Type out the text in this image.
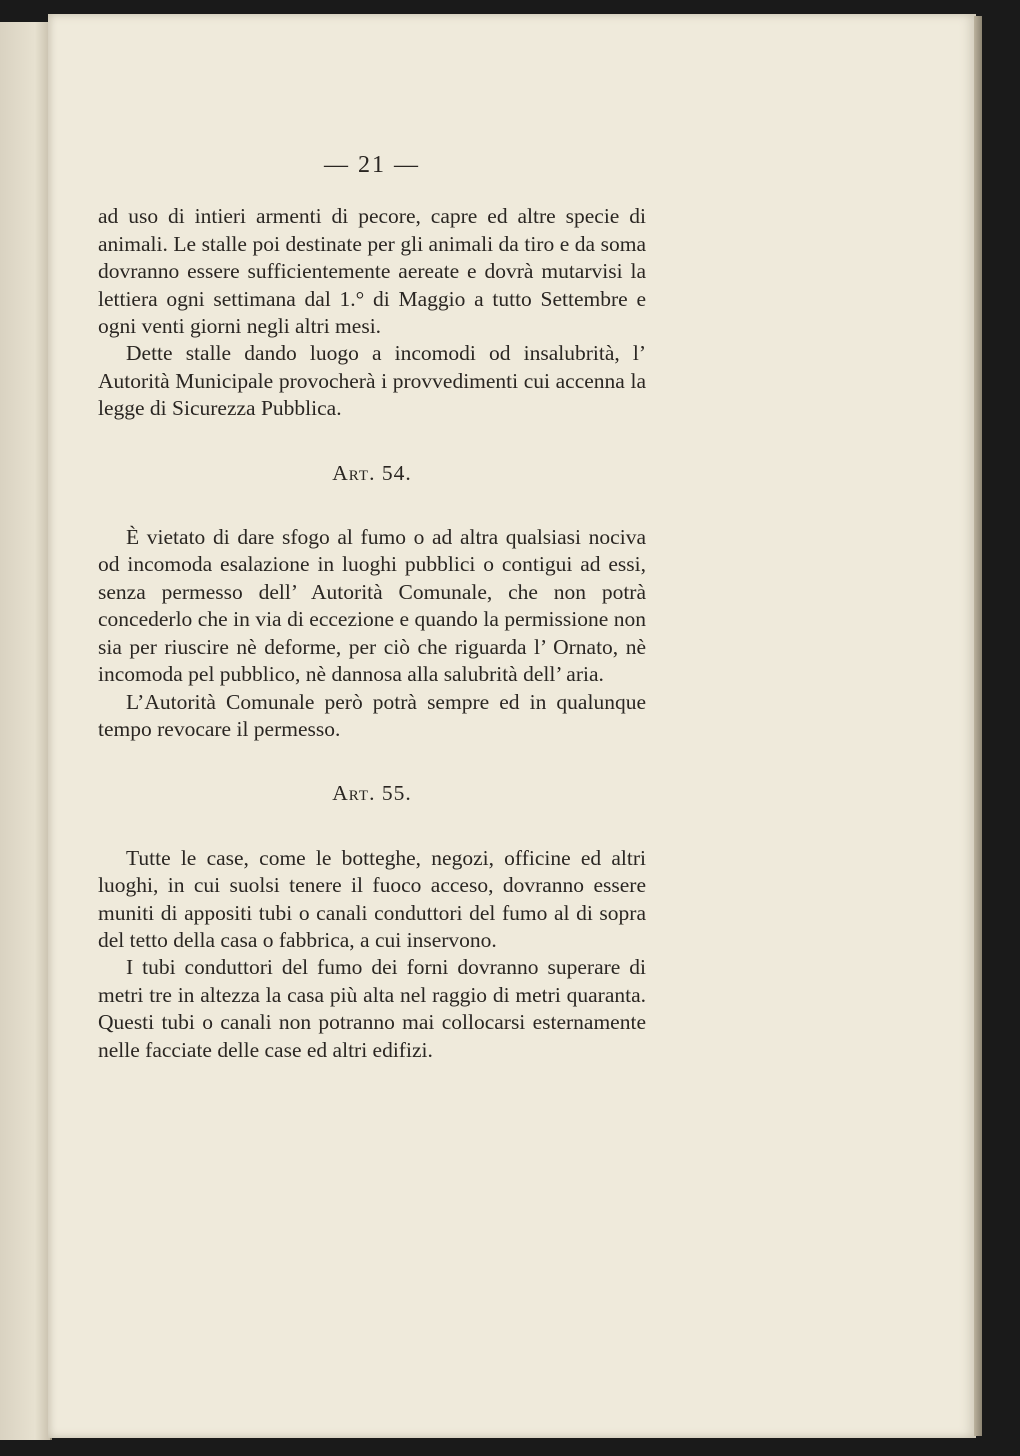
— 21 —

ad uso di intieri armenti di pecore, capre ed altre specie di animali. Le stalle poi destinate per gli animali da tiro e da soma dovranno essere sufficientemente aereate e dovrà mutarvisi la lettiera ogni settimana dal 1.° di Maggio a tutto Settembre e ogni venti giorni negli altri mesi.

Dette stalle dando luogo a incomodi od insalubrità, l’ Autorità Municipale provocherà i provvedimenti cui accenna la legge di Sicurezza Pubblica.

Art. 54.

È vietato di dare sfogo al fumo o ad altra qualsiasi nociva od incomoda esalazione in luoghi pubblici o contigui ad essi, senza permesso dell’ Autorità Comunale, che non potrà concederlo che in via di eccezione e quando la permissione non sia per riuscire nè deforme, per ciò che riguarda l’ Ornato, nè incomoda pel pubblico, nè dannosa alla salubrità dell’ aria.

L’Autorità Comunale però potrà sempre ed in qualunque tempo revocare il permesso.

Art. 55.

Tutte le case, come le botteghe, negozi, officine ed altri luoghi, in cui suolsi tenere il fuoco acceso, dovranno essere muniti di appositi tubi o canali conduttori del fumo al di sopra del tetto della casa o fabbrica, a cui inservono.

I tubi conduttori del fumo dei forni dovranno superare di metri tre in altezza la casa più alta nel raggio di metri quaranta. Questi tubi o canali non potranno mai collocarsi esternamente nelle facciate delle case ed altri edifizi.
